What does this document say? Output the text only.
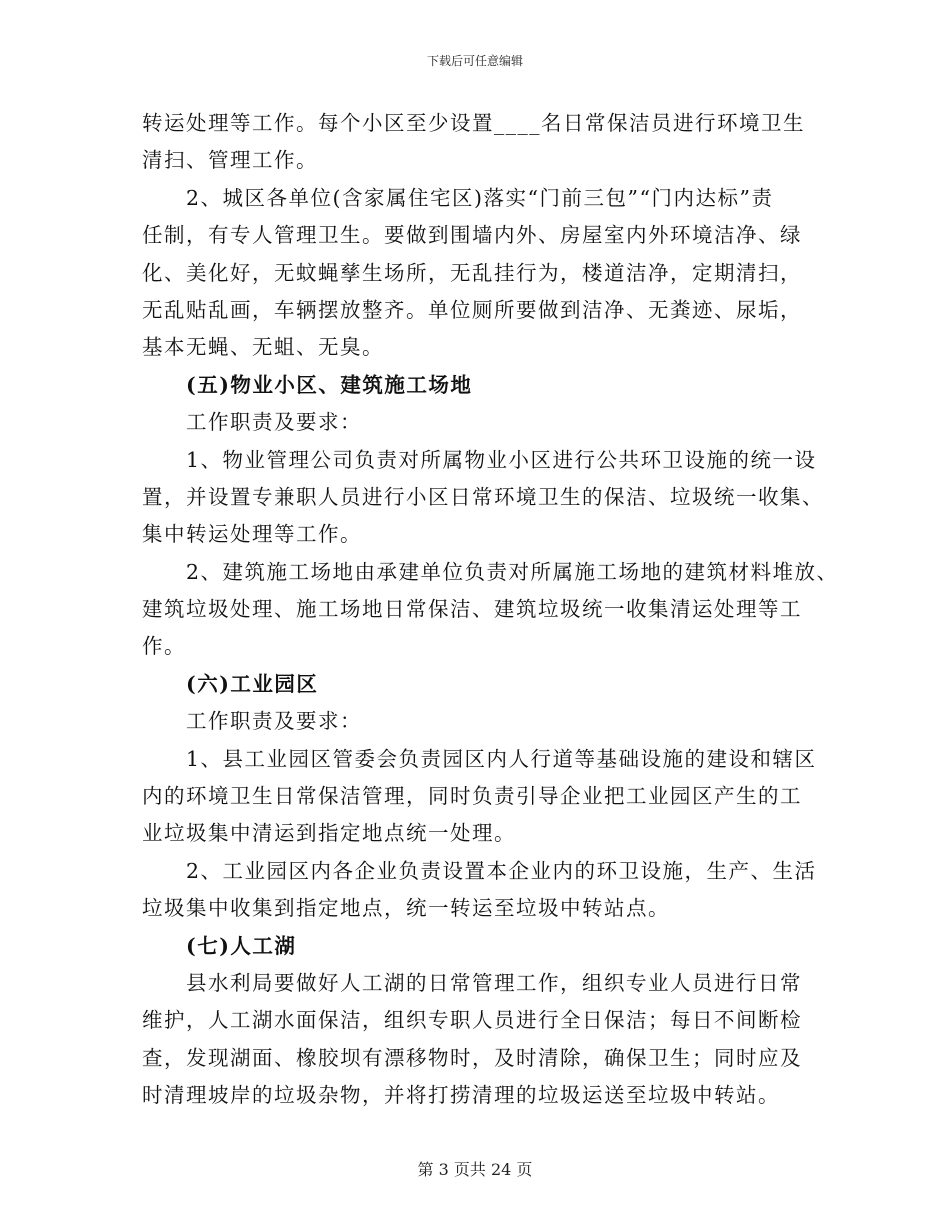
下载后可任意编辑
转运处理等工作。每个小区至少设置____名日常保洁员进行环境卫生
清扫、管理工作。
2、城区各单位(含家属住宅区)落实“门前三包”“门内达标”责
任制，有专人管理卫生。要做到围墙内外、房屋室内外环境洁净、绿
化、美化好，无蚊蝇孳生场所，无乱挂行为，楼道洁净，定期清扫，
无乱贴乱画，车辆摆放整齐。单位厕所要做到洁净、无粪迹、尿垢，
基本无蝇、无蛆、无臭。
(五)物业小区、建筑施工场地
工作职责及要求：
1、物业管理公司负责对所属物业小区进行公共环卫设施的统一设
置，并设置专兼职人员进行小区日常环境卫生的保洁、垃圾统一收集、
集中转运处理等工作。
2、建筑施工场地由承建单位负责对所属施工场地的建筑材料堆放、
建筑垃圾处理、施工场地日常保洁、建筑垃圾统一收集清运处理等工
作。
(六)工业园区
工作职责及要求：
1、县工业园区管委会负责园区内人行道等基础设施的建设和辖区
内的环境卫生日常保洁管理，同时负责引导企业把工业园区产生的工
业垃圾集中清运到指定地点统一处理。
2、工业园区内各企业负责设置本企业内的环卫设施，生产、生活
垃圾集中收集到指定地点，统一转运至垃圾中转站点。
(七)人工湖
县水利局要做好人工湖的日常管理工作，组织专业人员进行日常
维护，人工湖水面保洁，组织专职人员进行全日保洁；每日不间断检
查，发现湖面、橡胶坝有漂移物时，及时清除，确保卫生；同时应及
时清理坡岸的垃圾杂物，并将打捞清理的垃圾运送至垃圾中转站。
第 3 页共 24 页
